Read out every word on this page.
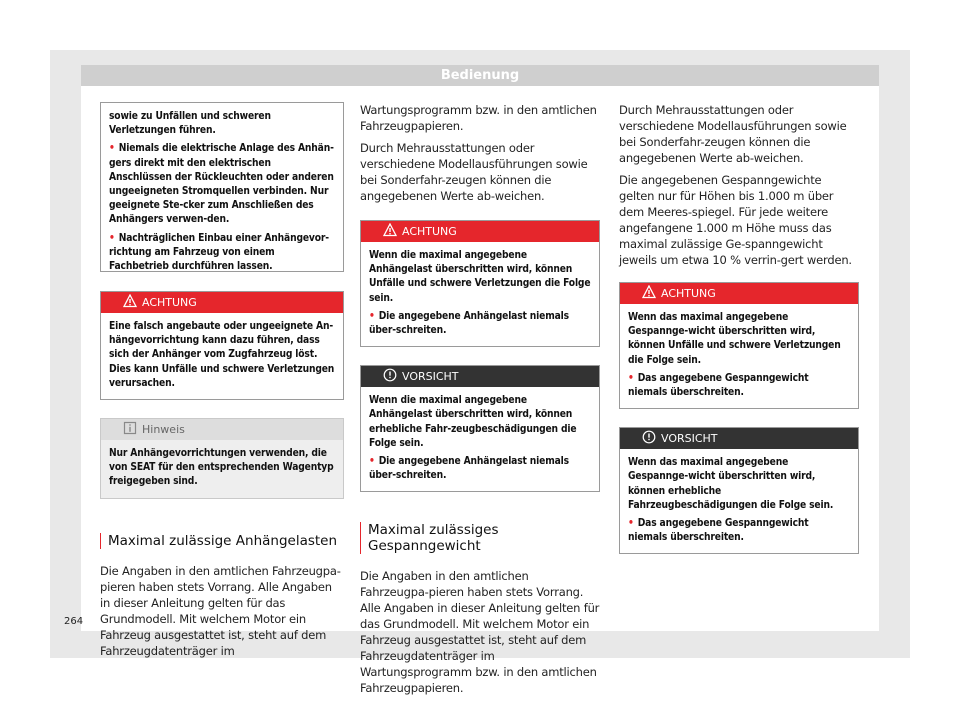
Bedienung

sowie zu Unfällen und schweren Verletzungen führen.

• Niemals die elektrische Anlage des Anhän-gers direkt mit den elektrischen Anschlüssen der Rückleuchten oder anderen ungeeigneten Stromquellen verbinden. Nur geeignete Ste-cker zum Anschließen des Anhängers verwen-den.

• Nachträglichen Einbau einer Anhängevor-richtung am Fahrzeug von einem Fachbetrieb durchführen lassen.

ACHTUNG
Eine falsch angebaute oder ungeeignete An-hängevorrichtung kann dazu führen, dass sich der Anhänger vom Zugfahrzeug löst. Dies kann Unfälle und schwere Verletzungen verursachen.
Hinweis
Nur Anhängevorrichtungen verwenden, die von SEAT für den entsprechenden Wagentyp freigegeben sind.
Maximal zulässige Anhängelasten

Die Angaben in den amtlichen Fahrzeugpa-pieren haben stets Vorrang. Alle Angaben in dieser Anleitung gelten für das Grundmodell. Mit welchem Motor ein Fahrzeug ausgestattet ist, steht auf dem Fahrzeugdatenträger im

Wartungsprogramm bzw. in den amtlichen Fahrzeugpapieren.

Durch Mehrausstattungen oder verschiedene Modellausführungen sowie bei Sonderfahr-zeugen können die angegebenen Werte ab-weichen.

ACHTUNG

Wenn die maximal angegebene Anhängelast überschritten wird, können Unfälle und schwere Verletzungen die Folge sein.

• Die angegebene Anhängelast niemals über-schreiten.

VORSICHT

Wenn die maximal angegebene Anhängelast überschritten wird, können erhebliche Fahr-zeugbeschädigungen die Folge sein.

• Die angegebene Anhängelast niemals über-schreiten.

Maximal zulässiges Gespanngewicht

Die Angaben in den amtlichen Fahrzeugpa-pieren haben stets Vorrang. Alle Angaben in dieser Anleitung gelten für das Grundmodell. Mit welchem Motor ein Fahrzeug ausgestattet ist, steht auf dem Fahrzeugdatenträger im Wartungsprogramm bzw. in den amtlichen Fahrzeugpapieren.

Durch Mehrausstattungen oder verschiedene Modellausführungen sowie bei Sonderfahr-zeugen können die angegebenen Werte ab-weichen.

Die angegebenen Gespanngewichte gelten nur für Höhen bis 1.000 m über dem Meeres-spiegel. Für jede weitere angefangene 1.000 m Höhe muss das maximal zulässige Ge-spanngewicht jeweils um etwa 10 % verrin-gert werden.

ACHTUNG

Wenn das maximal angegebene Gespannge-wicht überschritten wird, können Unfälle und schwere Verletzungen die Folge sein.

• Das angegebene Gespanngewicht niemals überschreiten.

VORSICHT

Wenn das maximal angegebene Gespannge-wicht überschritten wird, können erhebliche Fahrzeugbeschädigungen die Folge sein.

• Das angegebene Gespanngewicht niemals überschreiten.

264
